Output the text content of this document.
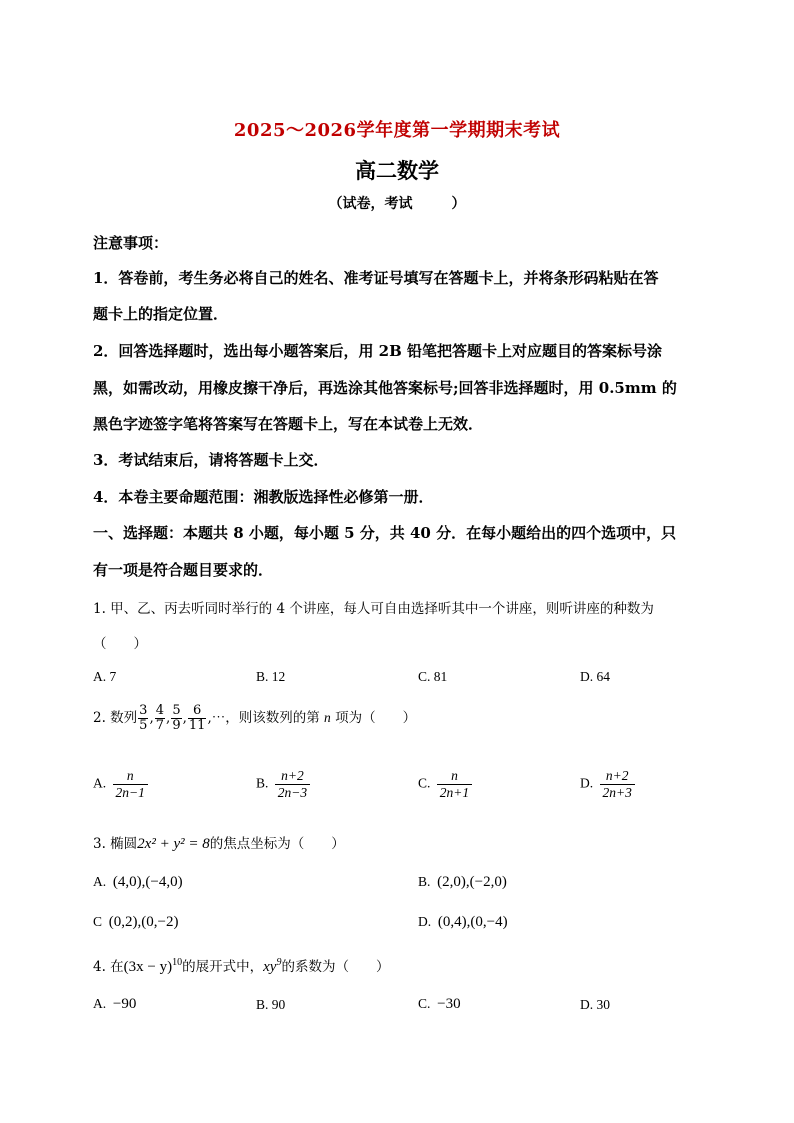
2025～2026学年度第一学期期末考试
高二数学
（试卷，考试        ）
注意事项：
1．答卷前，考生务必将自己的姓名、准考证号填写在答题卡上，并将条形码粘贴在答
题卡上的指定位置．
2．回答选择题时，选出每小题答案后，用 2B 铅笔把答题卡上对应题目的答案标号涂
黑，如需改动，用橡皮擦干净后，再选涂其他答案标号;回答非选择题时，用 0.5mm 的
黑色字迹签字笔将答案写在答题卡上，写在本试卷上无效．
3．考试结束后，请将答题卡上交．
4．本卷主要命题范围：湘教版选择性必修第一册．
一、选择题：本题共 8 小题，每小题 5 分，共 40 分．在每小题给出的四个选项中，只
有一项是符合题目要求的．
1. 甲、乙、丙去听同时举行的 4 个讲座，每人可自由选择听其中一个讲座，则听讲座的种数为
（　　）
A. 7	B. 12	C. 81	D. 64
2. 数列 $\frac{3}{5}$ , $\frac{4}{7}$ , $\frac{5}{9}$ , $\frac{6}{11}$ ,⋯，则该数列的第 n 项为（　　）
A. $\frac{n}{2n-1}$	B. $\frac{n+2}{2n-3}$	C. $\frac{n}{2n+1}$	D. $\frac{n+2}{2n+3}$
3. 椭圆2x² + y² = 8的焦点坐标为（　　）
A. (4,0),(−4,0)	B. (2,0),(−2,0)
C (0,2),(0,−2)	D. (0,4),(0,−4)
4. 在$(3x - y)^{10}$的展开式中，$xy^9$的系数为（　　）
A. −90	B. 90	C. −30	D. 30
